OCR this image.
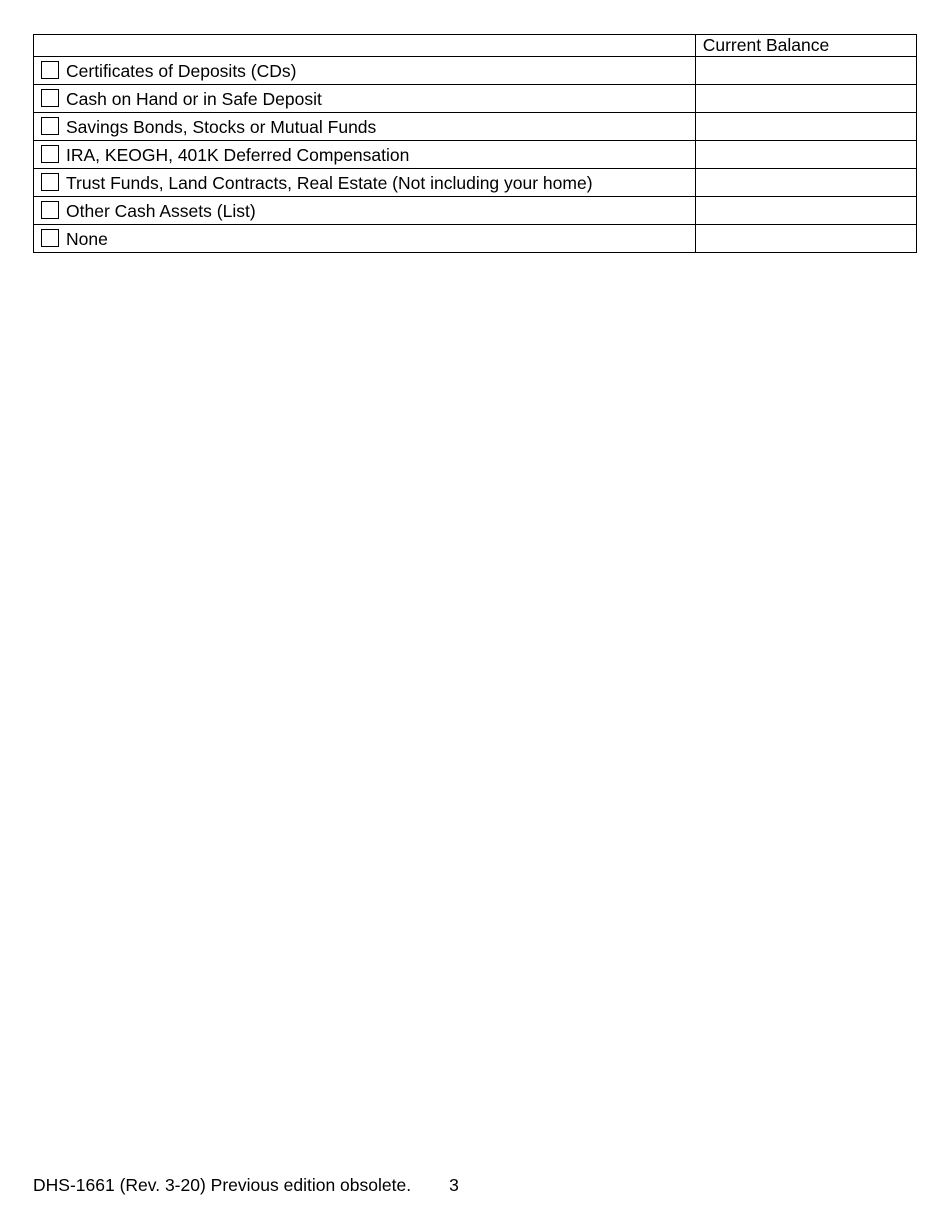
	Current Balance
Certificates of Deposits (CDs)	
Cash on Hand or in Safe Deposit	
Savings Bonds, Stocks or Mutual Funds	
IRA, KEOGH, 401K Deferred Compensation	
Trust Funds, Land Contracts, Real Estate (Not including your home)	
Other Cash Assets (List)	
None	
DHS-1661 (Rev. 3-20) Previous edition obsolete. 3
